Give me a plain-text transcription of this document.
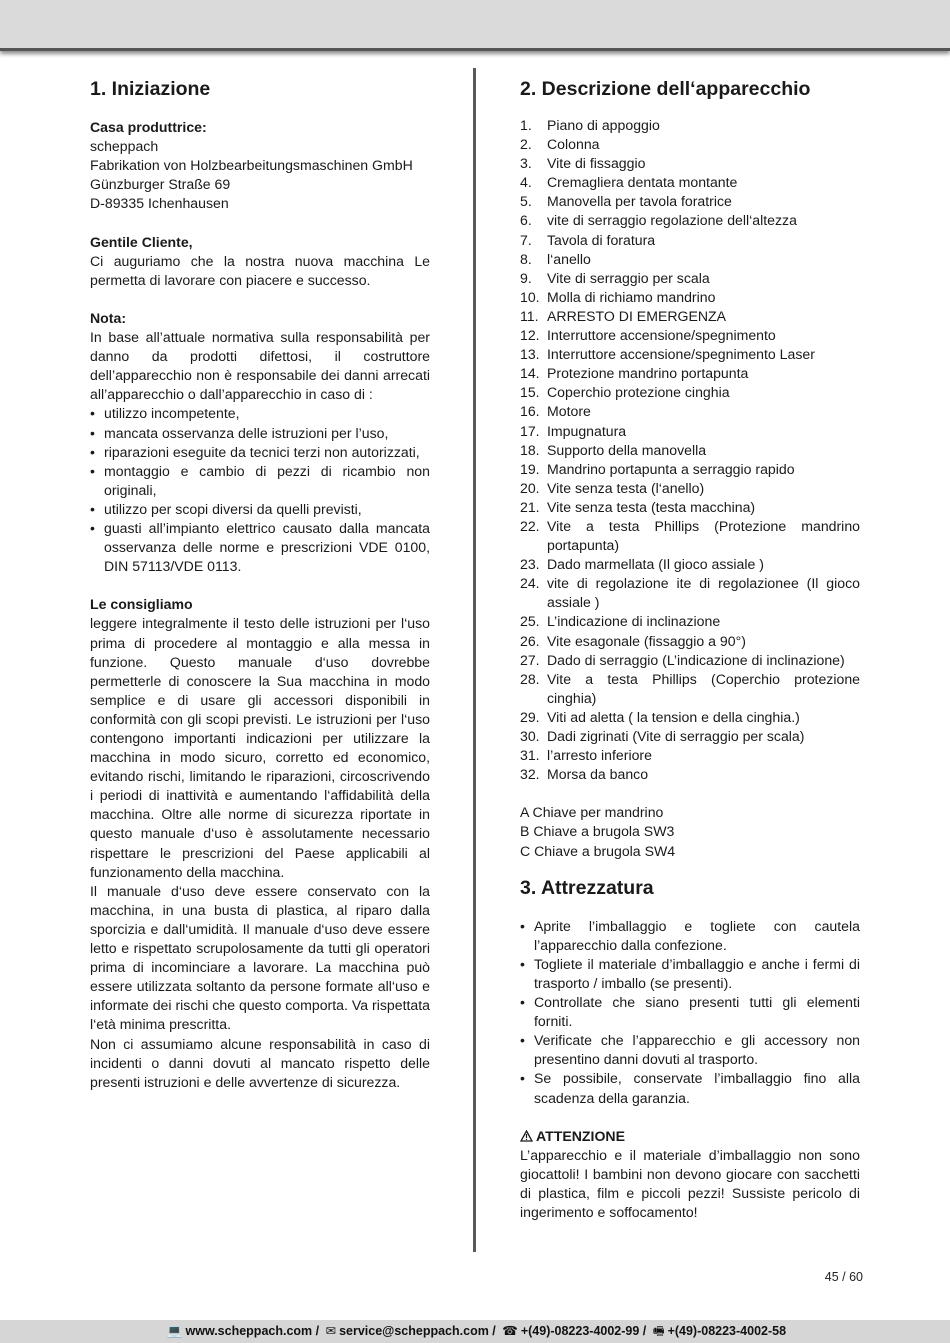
1. Iniziazione

Casa produttrice:

scheppach
Fabrikation von Holzbearbeitungsmaschinen GmbH
Günzburger Straße 69
D-89335 Ichenhausen

Gentile Cliente,

Ci auguriamo che la nostra nuova macchina Le permetta di lavorare con piacere e successo.

Nota:

In base all’attuale normativa sulla responsabilità per danno da prodotti difettosi, il costruttore dell’apparecchio non è responsabile dei danni arrecati all’apparecchio o dall’apparecchio in caso di :

• utilizzo incompetente,
• mancata osservanza delle istruzioni per l’uso,
• riparazioni eseguite da tecnici terzi non autorizzati,
• montaggio e cambio di pezzi di ricambio non originali,
• utilizzo per scopi diversi da quelli previsti,
• guasti all’impianto elettrico causato dalla mancata osservanza delle norme e prescrizioni VDE 0100, DIN 57113/VDE 0113.

Le consigliamo

leggere integralmente il testo delle istruzioni per l‘uso prima di procedere al montaggio e alla messa in funzione. Questo manuale d‘uso dovrebbe permetterle di conoscere la Sua macchina in modo semplice e di usare gli accessori disponibili in conformità con gli scopi previsti. Le istruzioni per l‘uso contengono importanti indicazioni per utilizzare la macchina in modo sicuro, corretto ed economico, evitando rischi, limitando le riparazioni, circoscrivendo i periodi di inattività e aumentando l‘affidabilità della macchina. Oltre alle norme di sicurezza riportate in questo manuale d‘uso è assolutamente necessario rispettare le prescrizioni del Paese applicabili al funzionamento della macchina.

Il manuale d‘uso deve essere conservato con la macchina, in una busta di plastica, al riparo dalla sporcizia e dall‘umidità. Il manuale d‘uso deve essere letto e rispettato scrupolosamente da tutti gli operatori prima di incominciare a lavorare. La macchina può essere utilizzata soltanto da persone formate all‘uso e informate dei rischi che questo comporta. Va rispettata l‘età minima prescritta.

Non ci assumiamo alcune responsabilità in caso di incidenti o danni dovuti al mancato rispetto delle presenti istruzioni e delle avvertenze di sicurezza.

2. Descrizione dell‘apparecchio
1.	Piano di appoggio
2.	Colonna
3.	Vite di fissaggio
4.	Cremagliera dentata montante
5.	Manovella per tavola foratrice
6.	vite di serraggio regolazione dell‘altezza
7.	Tavola di foratura
8.	l‘anello
9.	Vite di serraggio per scala
10. Molla di richiamo mandrino
11. ARRESTO DI EMERGENZA
12. Interruttore accensione/spegnimento
13. Interruttore accensione/spegnimento Laser
14. Protezione mandrino portapunta
15. Coperchio protezione cinghia
16. Motore
17. Impugnatura
18. Supporto della manovella
19. Mandrino portapunta a serraggio rapido
20. Vite senza testa (l‘anello)
21. Vite senza testa (testa macchina)
22. Vite a testa Phillips (Protezione mandrino portapunta)
23. Dado marmellata (Il gioco assiale )
24. vite di regolazione ite di regolazionee (Il gioco assiale )
25. L’indicazione di inclinazione
26. Vite esagonale (fissaggio a 90°)
27. Dado di serraggio (L’indicazione di inclinazione)
28. Vite a testa Phillips (Coperchio protezione cinghia)
29. Viti ad aletta ( la tension e della cinghia.)
30. Dadi zigrinati (Vite di serraggio per scala)
31. l’arresto inferiore
32. Morsa da banco
A Chiave per mandrino
B Chiave a brugola SW3
C Chiave a brugola SW4
3. Attrezzatura
• Aprite l’imballaggio e togliete con cautela l’apparecchio dalla confezione.
• Togliete il materiale d’imballaggio e anche i fermi di trasporto / imballo (se presenti).
• Controllate che siano presenti tutti gli elementi forniti.
• Verificate che l’apparecchio e gli accessory non presentino danni dovuti al trasporto.
• Se possibile, conservate l’imballaggio fino alla scadenza della garanzia.

ATTENZIONE

L’apparecchio e il materiale d’imballaggio non sono giocattoli! I bambini non devono giocare con sacchetti di plastica, film e piccoli pezzi! Sussiste pericolo di ingerimento e soffocamento!

45 / 60
💻 www.scheppach.com / ✉ service@scheppach.com / ☎ +(49)-08223-4002-99 / 🖷 +(49)-08223-4002-58
